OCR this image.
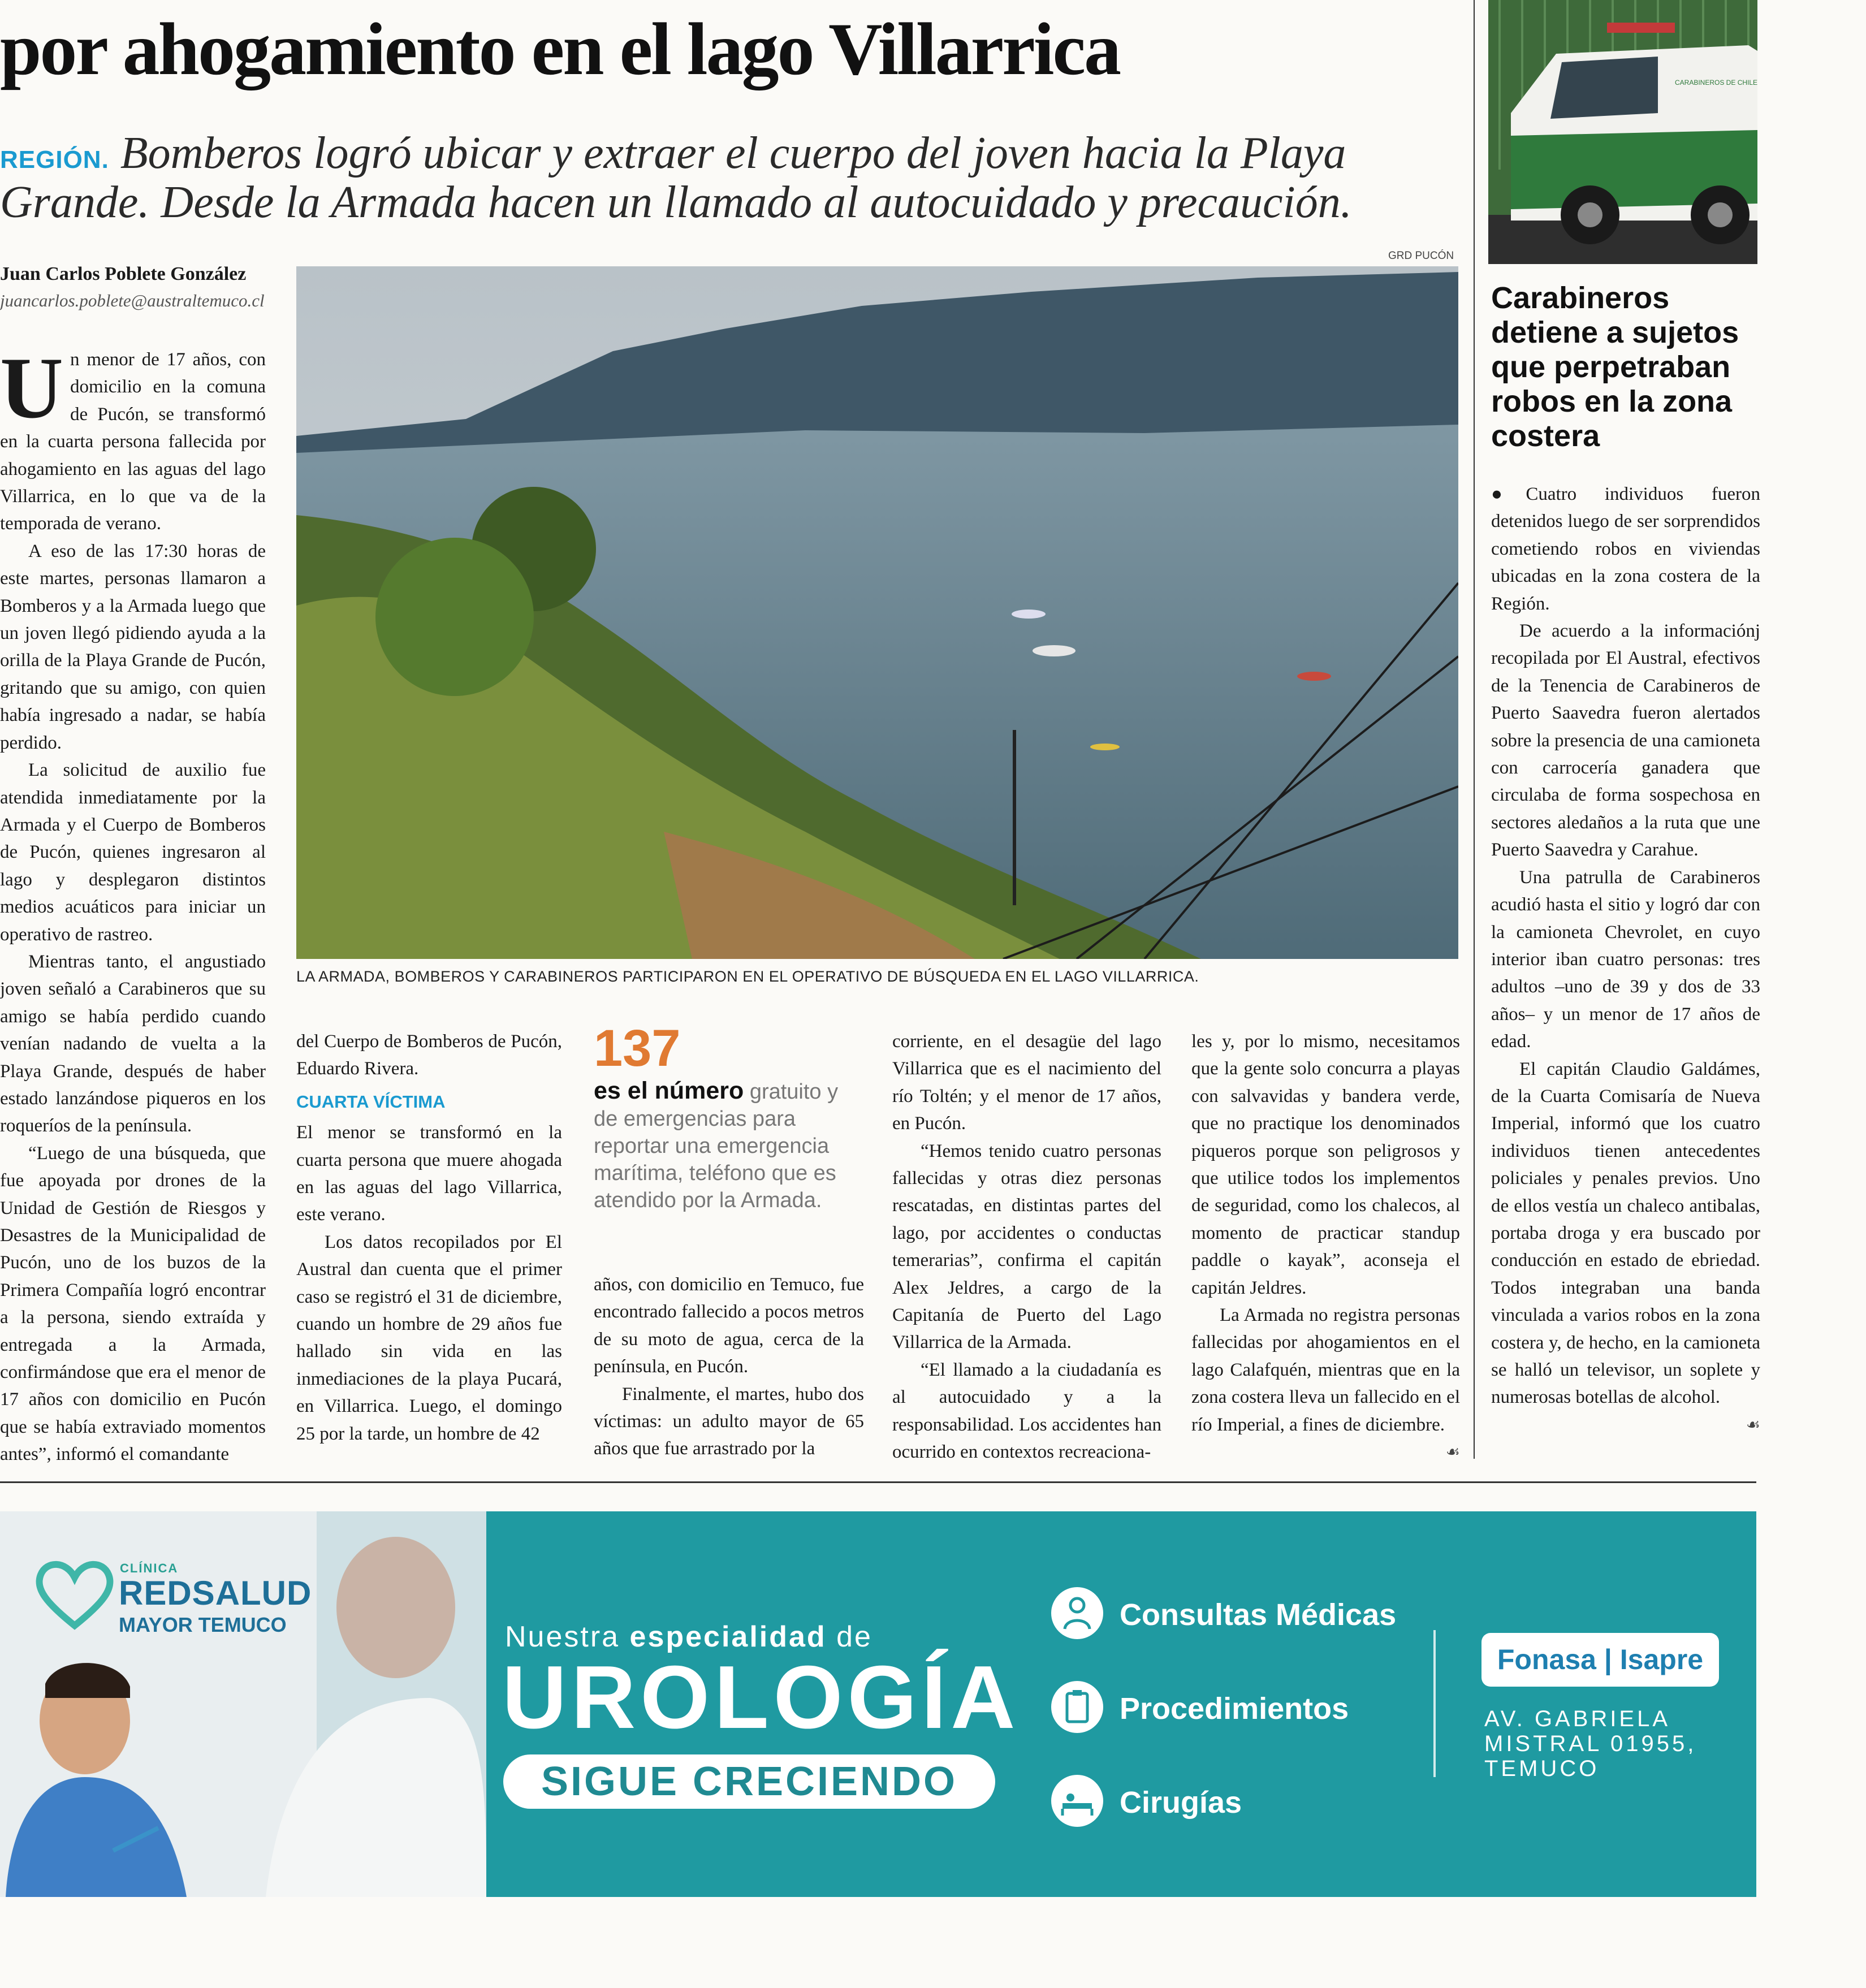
por ahogamiento en el lago Villarrica
REGIÓN. Bomberos logró ubicar y extraer el cuerpo del joven hacia la Playa Grande. Desde la Armada hacen un llamado al autocuidado y precaución.
Juan Carlos Poblete González
juancarlos.poblete@australtemuco.cl
U n menor de 17 años, con domicilio en la comuna de Pucón, se transformó en la cuarta persona fallecida por ahogamiento en las aguas del lago Villarrica, en lo que va de la temporada de verano.

A eso de las 17:30 horas de este martes, personas llamaron a Bomberos y a la Armada luego que un joven llegó pidiendo ayuda a la orilla de la Playa Grande de Pucón, gritando que su amigo, con quien había ingresado a nadar, se había perdido.

La solicitud de auxilio fue atendida inmediatamente por la Armada y el Cuerpo de Bomberos de Pucón, quienes ingresaron al lago y desplegaron distintos medios acuáticos para iniciar un operativo de rastreo.

Mientras tanto, el angustiado joven señaló a Carabineros que su amigo se había perdido cuando venían nadando de vuelta a la Playa Grande, después de haber estado lanzándose piqueros en los roqueríos de la península.

“Luego de una búsqueda, que fue apoyada por drones de la Unidad de Gestión de Riesgos y Desastres de la Municipalidad de Pucón, uno de los buzos de la Primera Compañía logró encontrar a la persona, siendo extraída y entregada a la Armada, confirmándose que era el menor de 17 años con domicilio en Pucón que se había extraviado momentos antes”, informó el comandante

GRD PUCÓN
LA ARMADA, BOMBEROS Y CARABINEROS PARTICIPARON EN EL OPERATIVO DE BÚSQUEDA EN EL LAGO VILLARRICA.

del Cuerpo de Bomberos de Pucón, Eduardo Rivera.

CUARTA VÍCTIMA

El menor se transformó en la cuarta persona que muere ahogada en las aguas del lago Villarrica, este verano.

Los datos recopilados por El Austral dan cuenta que el primer caso se registró el 31 de diciembre, cuando un hombre de 29 años fue hallado sin vida en las inmediaciones de la playa Pucará, en Villarrica. Luego, el domingo 25 por la tarde, un hombre de 42

137
es el número gratuito y de emergencias para reportar una emergencia marítima, teléfono que es atendido por la Armada.

años, con domicilio en Temuco, fue encontrado fallecido a pocos metros de su moto de agua, cerca de la península, en Pucón.

Finalmente, el martes, hubo dos víctimas: un adulto mayor de 65 años que fue arrastrado por la

corriente, en el desagüe del lago Villarrica que es el nacimiento del río Toltén; y el menor de 17 años, en Pucón.

“Hemos tenido cuatro personas fallecidas y otras diez personas rescatadas, en distintas partes del lago, por accidentes o conductas temerarias”, confirma el capitán Alex Jeldres, a cargo de la Capitanía de Puerto del Lago Villarrica de la Armada.

“El llamado a la ciudadanía es al autocuidado y a la responsabilidad. Los accidentes han ocurrido en contextos recreaciona-

les y, por lo mismo, necesitamos que la gente solo concurra a playas con salvavidas y bandera verde, que no practique los denominados piqueros porque son peligrosos y que utilice todos los implementos de seguridad, como los chalecos, al momento de practicar standup paddle o kayak”, aconseja el capitán Jeldres.

La Armada no registra personas fallecidas por ahogamientos en el lago Calafquén, mientras que en la zona costera lleva un fallecido en el río Imperial, a fines de diciembre.

☙
CARABINEROS DE CHILE
Carabineros detiene a sujetos que perpetraban robos en la zona costera

●Cuatro individuos fueron detenidos luego de ser sorprendidos cometiendo robos en viviendas ubicadas en la zona costera de la Región.

De acuerdo a la informaciónj recopilada por El Austral, efectivos de la Tenencia de Carabineros de Puerto Saavedra fueron alertados sobre la presencia de una camioneta con carrocería ganadera que circulaba de forma sospechosa en sectores aledaños a la ruta que une Puerto Saavedra y Carahue.

Una patrulla de Carabineros acudió hasta el sitio y logró dar con la camioneta Chevrolet, en cuyo interior iban cuatro personas: tres adultos –uno de 39 y dos de 33 años– y un menor de 17 años de edad.

El capitán Claudio Galdámes, de la Cuarta Comisaría de Nueva Imperial, informó que los cuatro individuos tienen antecedentes policiales y penales previos. Uno de ellos vestía un chaleco antibalas, portaba droga y era buscado por conducción en estado de ebriedad. Todos integraban una banda vinculada a varios robos en la zona costera y, de hecho, en la camioneta se halló un televisor, un soplete y numerosas botellas de alcohol.

☙
CLÍNICA
REDSALUD
MAYOR TEMUCO	Nuestra especialidad de
UROLOGÍA
SIGUE CRECIENDO
Consultas Médicas
Procedimientos
Cirugías
Fonasa | Isapre
AV. GABRIELA MISTRAL 01955, TEMUCO
